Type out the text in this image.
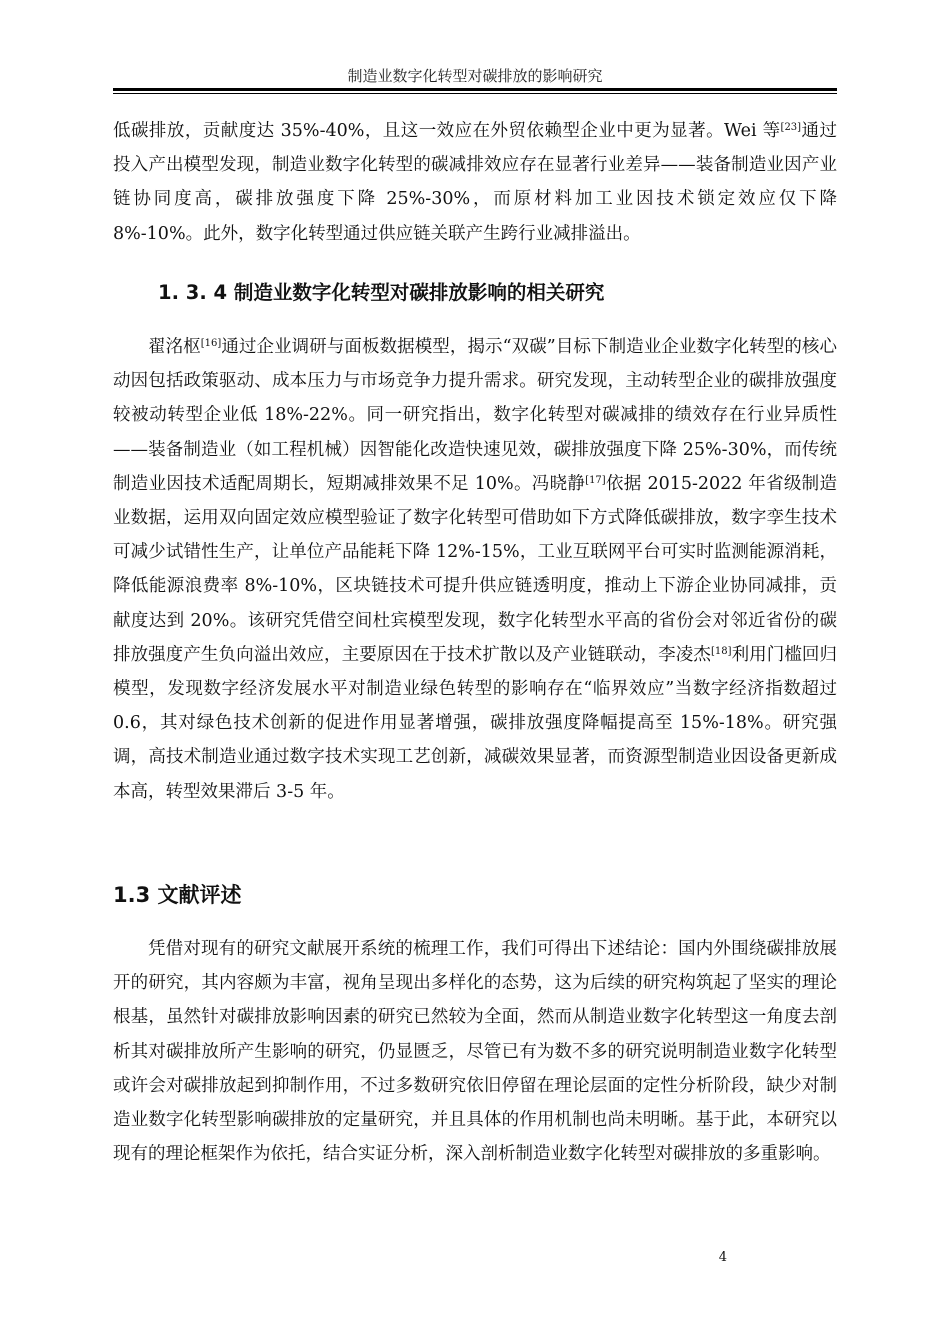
制造业数字化转型对碳排放的影响研究

低碳排放，贡献度达 35%-40%，且这一效应在外贸依赖型企业中更为显著。Wei 等[23]通过投入产出模型发现，制造业数字化转型的碳减排效应存在显著行业差异——装备制造业因产业链协同度高，碳排放强度下降 25%-30%，而原材料加工业因技术锁定效应仅下降 8%-10%。此外，数字化转型通过供应链关联产生跨行业减排溢出。

1. 3. 4 制造业数字化转型对碳排放影响的相关研究

翟洺枢[16]通过企业调研与面板数据模型，揭示“双碳”目标下制造业企业数字化转型的核心动因包括政策驱动、成本压力与市场竞争力提升需求。研究发现，主动转型企业的碳排放强度较被动转型企业低 18%-22%。同一研究指出，数字化转型对碳减排的绩效存在行业异质性——装备制造业（如工程机械）因智能化改造快速见效，碳排放强度下降 25%-30%，而传统制造业因技术适配周期长，短期减排效果不足 10%。冯晓静[17]依据 2015-2022 年省级制造业数据，运用双向固定效应模型验证了数字化转型可借助如下方式降低碳排放，数字孪生技术可减少试错性生产，让单位产品能耗下降 12%-15%，工业互联网平台可实时监测能源消耗，降低能源浪费率 8%-10%，区块链技术可提升供应链透明度，推动上下游企业协同减排，贡献度达到 20%。该研究凭借空间杜宾模型发现，数字化转型水平高的省份会对邻近省份的碳排放强度产生负向溢出效应，主要原因在于技术扩散以及产业链联动，李凌杰[18]利用门槛回归模型，发现数字经济发展水平对制造业绿色转型的影响存在“临界效应”当数字经济指数超过 0.6，其对绿色技术创新的促进作用显著增强，碳排放强度降幅提高至 15%-18%。研究强调，高技术制造业通过数字技术实现工艺创新，减碳效果显著，而资源型制造业因设备更新成本高，转型效果滞后 3-5 年。

1.3 文献评述

凭借对现有的研究文献展开系统的梳理工作，我们可得出下述结论：国内外围绕碳排放展开的研究，其内容颇为丰富，视角呈现出多样化的态势，这为后续的研究构筑起了坚实的理论根基，虽然针对碳排放影响因素的研究已然较为全面，然而从制造业数字化转型这一角度去剖析其对碳排放所产生影响的研究，仍显匮乏，尽管已有为数不多的研究说明制造业数字化转型或许会对碳排放起到抑制作用，不过多数研究依旧停留在理论层面的定性分析阶段，缺少对制造业数字化转型影响碳排放的定量研究，并且具体的作用机制也尚未明晰。基于此，本研究以现有的理论框架作为依托，结合实证分析，深入剖析制造业数字化转型对碳排放的多重影响。

4
